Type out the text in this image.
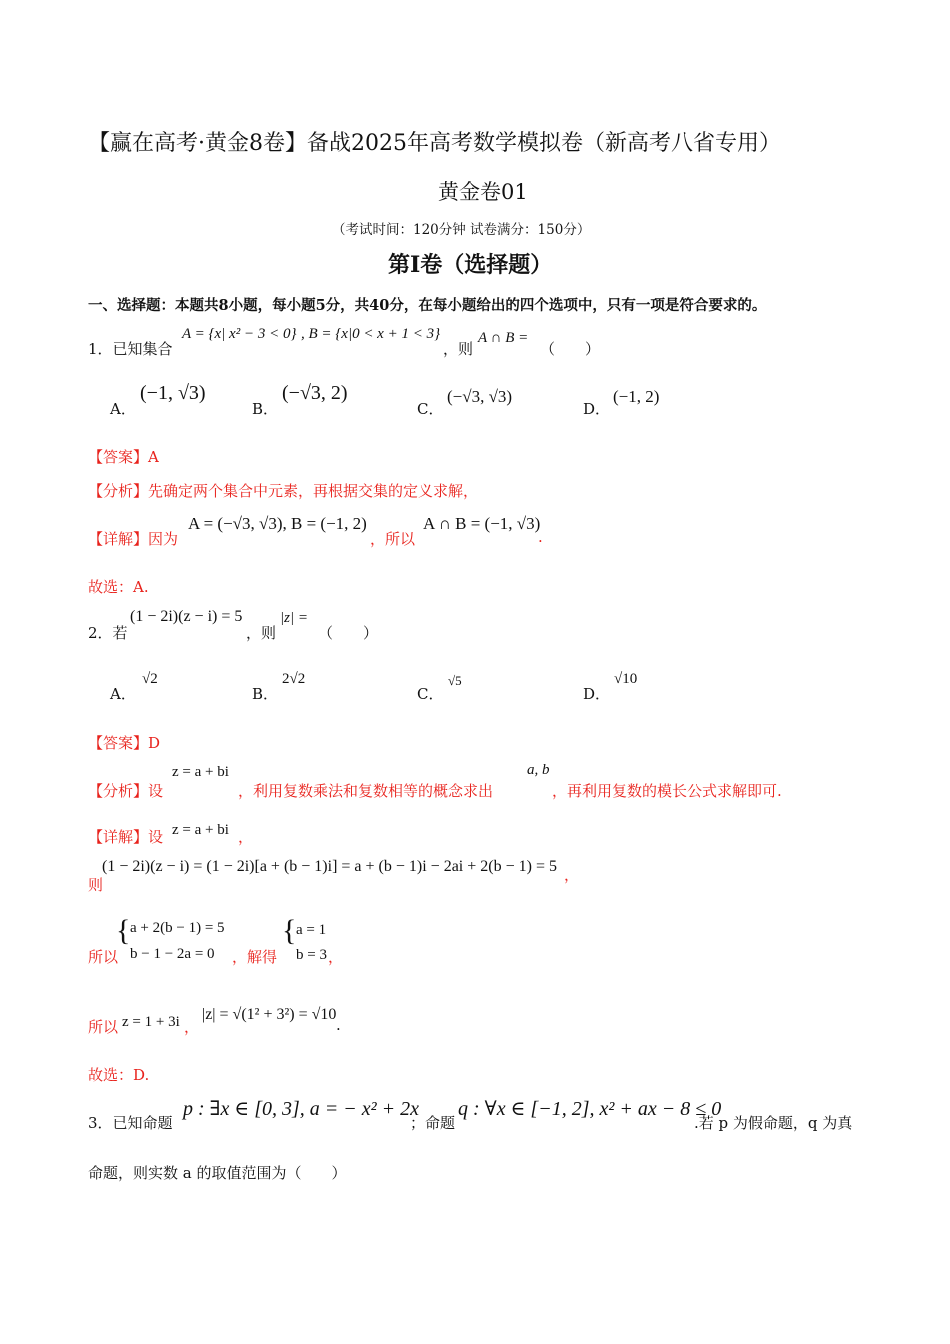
【赢在高考·黄金8卷】备战2025年高考数学模拟卷（新高考八省专用）
黄金卷01
（考试时间：120分钟 试卷满分：150分）
第I卷（选择题）
一、选择题：本题共8小题，每小题5分，共40分，在每小题给出的四个选项中，只有一项是符合要求的。
1．已知集合
A = {x| x² − 3 < 0} , B = {x|0 < x + 1 < 3}
，则
A ∩ B =
（　　）
A．
(−1, √3)
B．
(−√3, 2)
C．
(−√3, √3)
D．
(−1, 2)
【答案】A
【分析】先确定两个集合中元素，再根据交集的定义求解，
【详解】因为
A = (−√3, √3), B = (−1, 2)
，所以
A ∩ B = (−1, √3)
.
故选：A.
2．若
(1 − 2i)(z − i) = 5
，则
|z| =
（　　）
A．
√2
B．
2√2
C．
√5
D．
√10
【答案】D
【分析】设
z = a + bi
，利用复数乘法和复数相等的概念求出
a, b
，再利用复数的模长公式求解即可.
【详解】设 z = a + bi ，
则
(1 − 2i)(z − i) = (1 − 2i)[a + (b − 1)i] = a + (b − 1)i − 2ai + 2(b − 1) = 5 ，
所以
{ a + 2(b − 1) = 5
b − 1 − 2a = 0 ，解得
{ a = 1
b = 3 ，
所以 z = 1 + 3i ，
|z| = √(1² + 3²) = √10
.
故选：D.
3．已知命题
p : ∃x ∈ [0, 3], a = − x² + 2x
；命题
q : ∀x ∈ [−1, 2], x² + ax − 8 ≤ 0
.若 p 为假命题，q 为真
命题，则实数 a 的取值范围为（　　）
